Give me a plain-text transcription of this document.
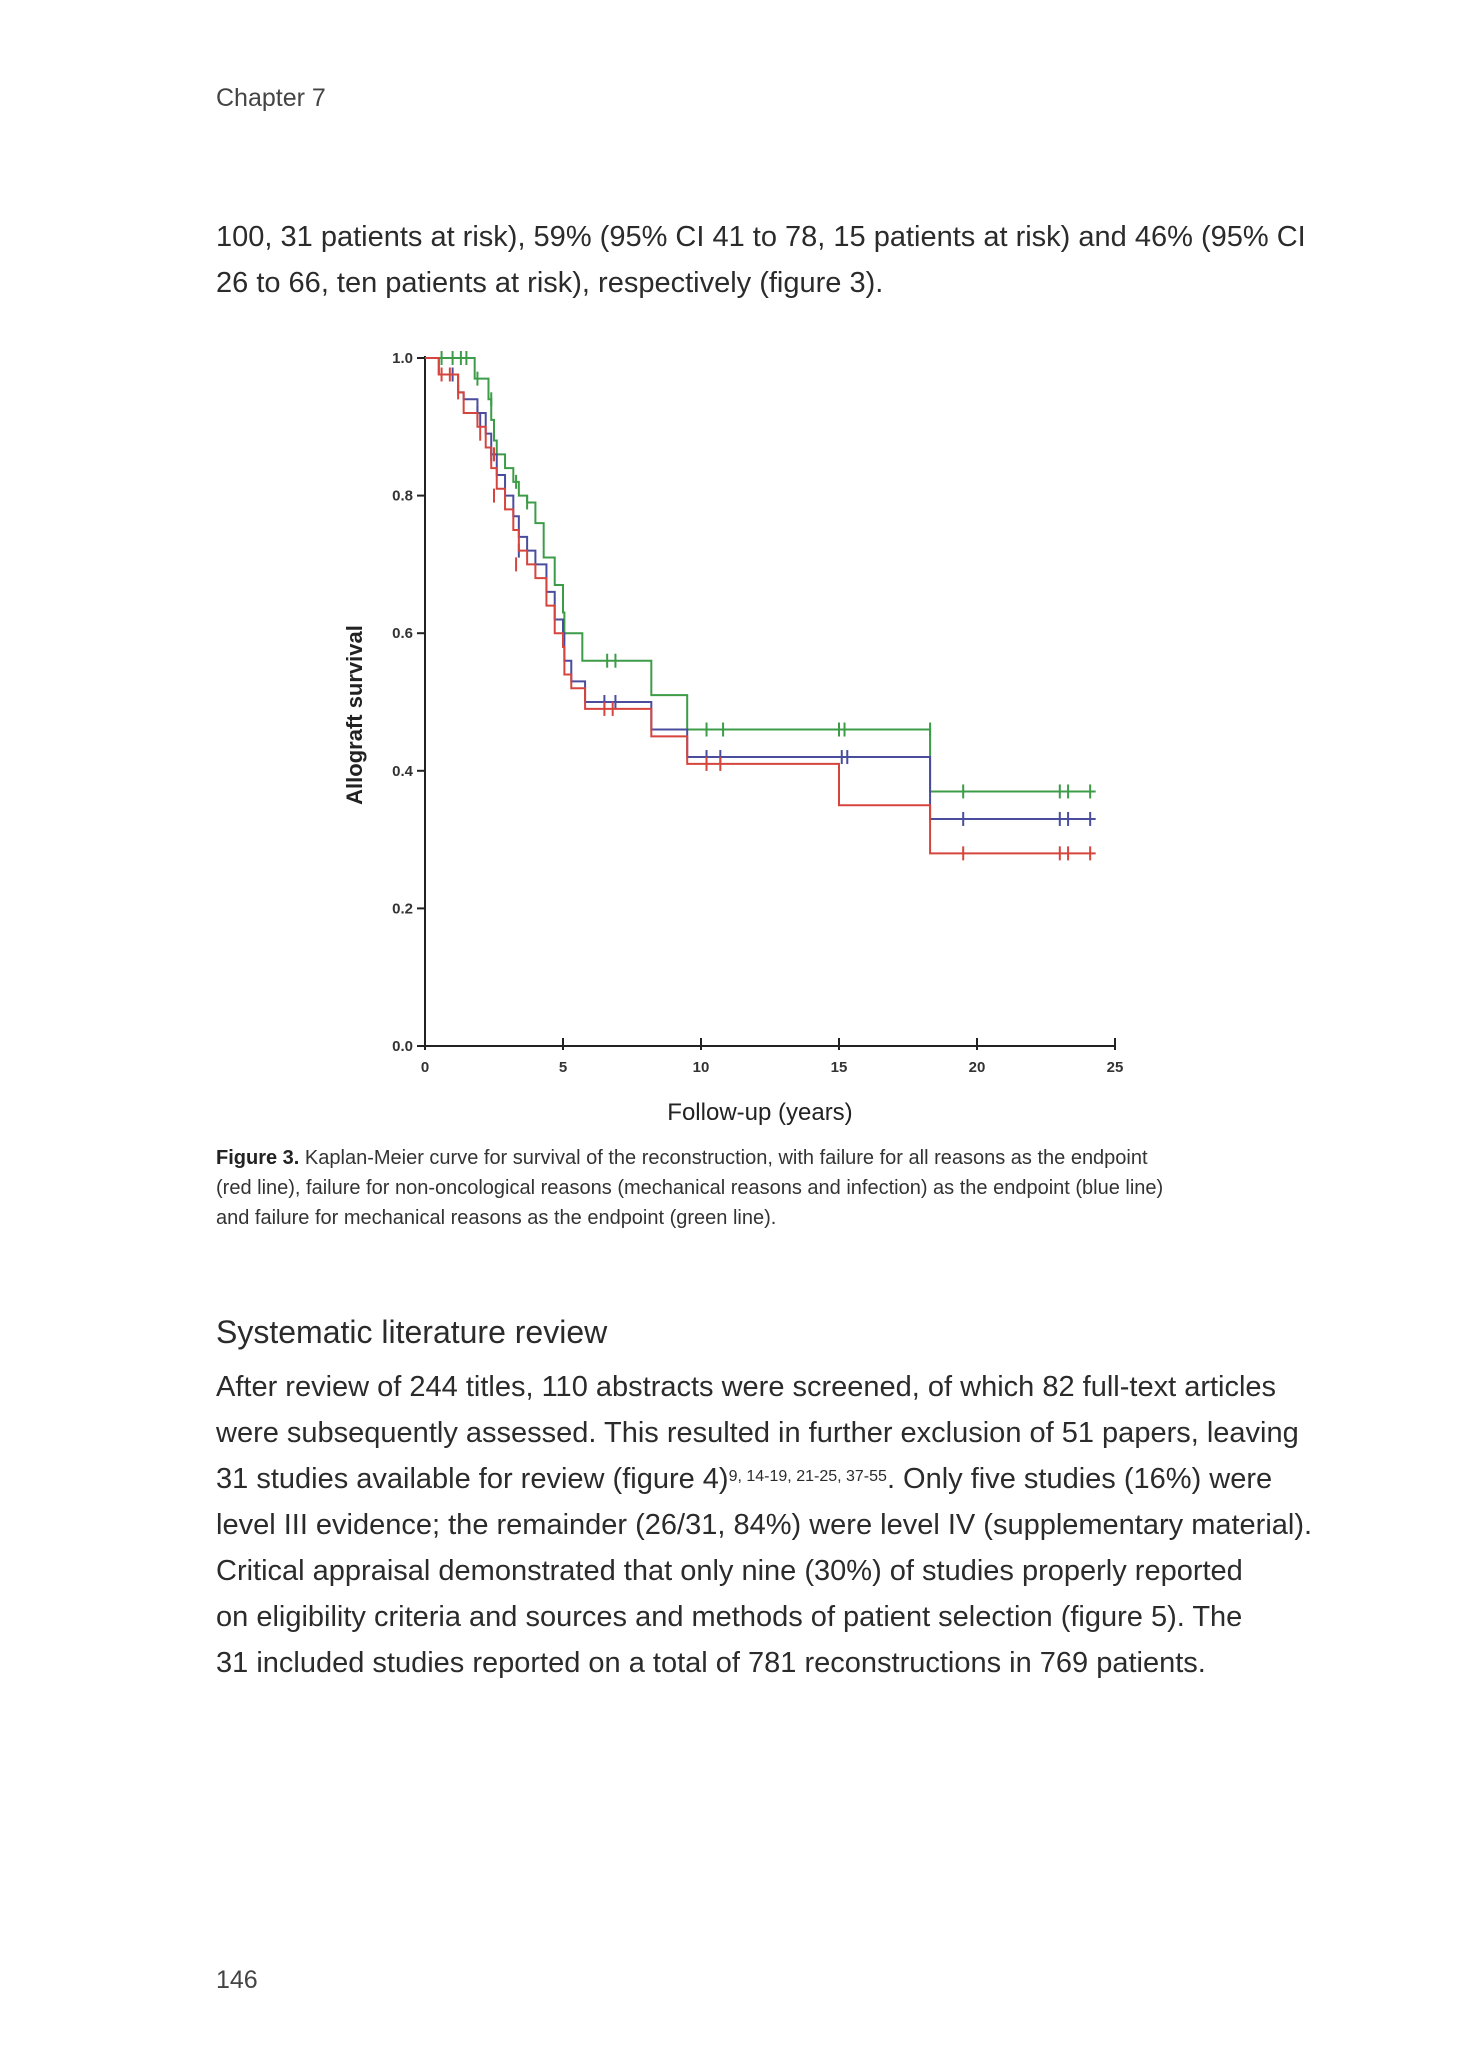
Chapter 7
100, 31 patients at risk), 59% (95% CI 41 to 78, 15 patients at risk) and 46% (95% CI
26 to 66, ten patients at risk), respectively (figure 3).
0.0
0.2
0.4
0.6
0.8
1.0
0	5	10	15	20	25
Allograft survival
Follow-up (years)
Figure 3. Kaplan-Meier curve for survival of the reconstruction, with failure for all reasons as the endpoint
(red line), failure for non-oncological reasons (mechanical reasons and infection) as the endpoint (blue line)
and failure for mechanical reasons as the endpoint (green line).
Systematic literature review
After review of 244 titles, 110 abstracts were screened, of which 82 full-text articles
were subsequently assessed. This resulted in further exclusion of 51 papers, leaving
31 studies available for review (figure 4)$^{9, 14-19, 21-25, 37-55}$. Only five studies (16%) were
level III evidence; the remainder (26/31, 84%) were level IV (supplementary material).
Critical appraisal demonstrated that only nine (30%) of studies properly reported
on eligibility criteria and sources and methods of patient selection (figure 5). The
31 included studies reported on a total of 781 reconstructions in 769 patients.
146
